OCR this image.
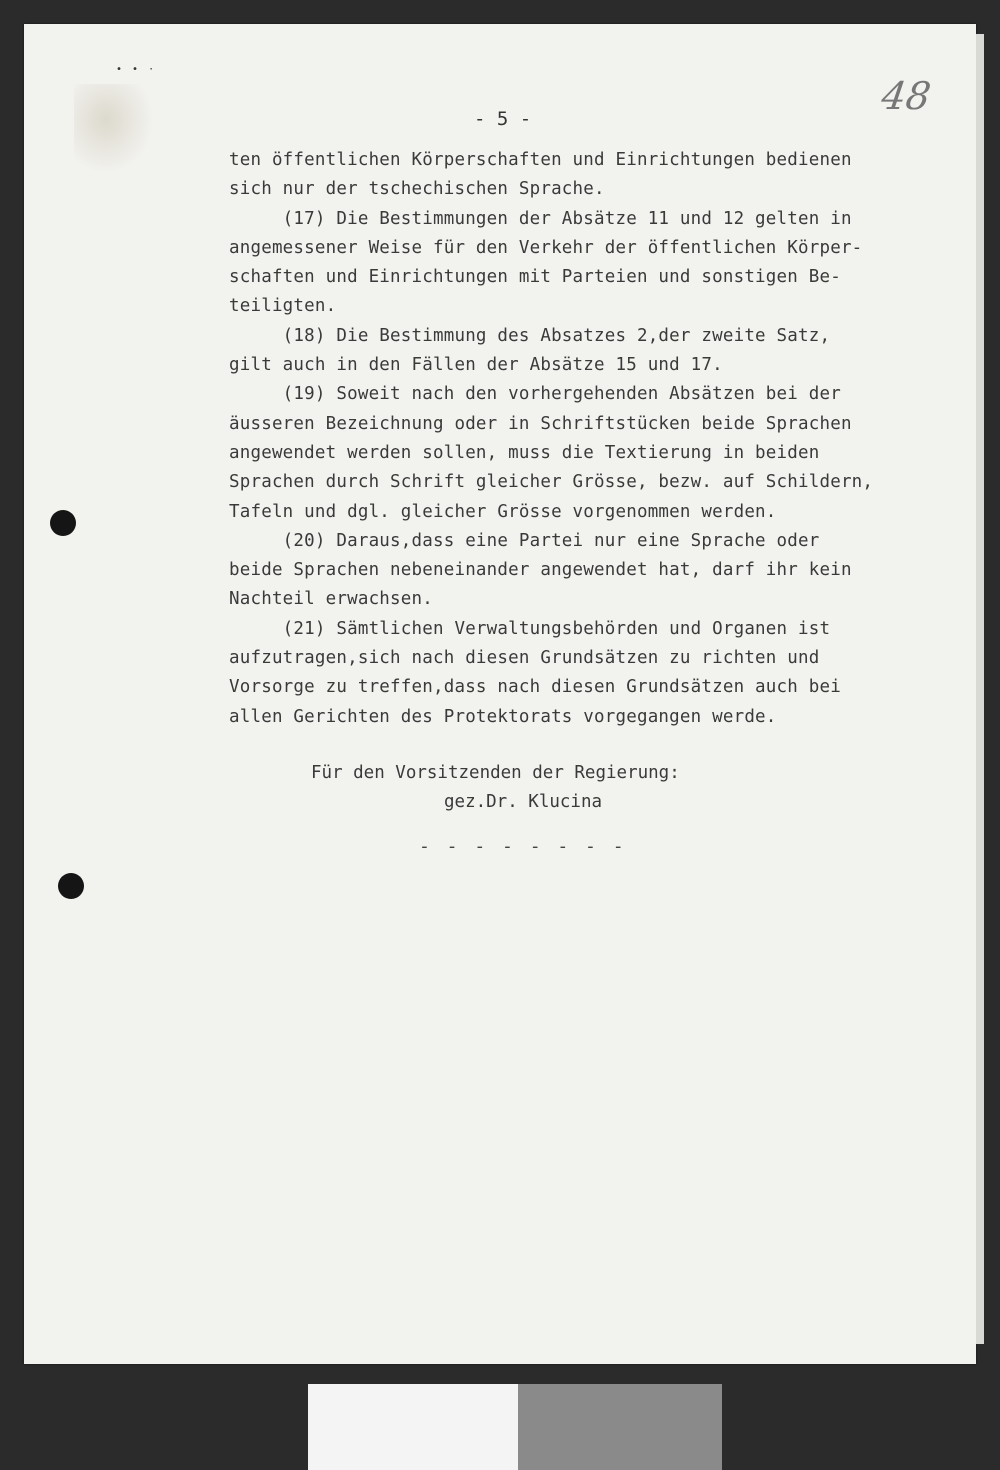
• • ·
48
- 5 -
ten öffentlichen Körperschaften und Einrichtungen bedienen
sich nur der tschechischen Sprache.
(17) Die Bestimmungen der Absätze 11 und 12 gelten in
angemessener Weise für den Verkehr der öffentlichen Körper-
schaften und Einrichtungen mit Parteien und sonstigen Be-
teiligten.
(18) Die Bestimmung des Absatzes 2,der zweite Satz,
gilt auch in den Fällen der Absätze 15 und 17.
(19) Soweit nach den vorhergehenden Absätzen bei der
äusseren Bezeichnung oder in Schriftstücken beide Sprachen
angewendet werden sollen, muss die Textierung in beiden
Sprachen durch Schrift gleicher Grösse, bezw. auf Schildern,
Tafeln und dgl. gleicher Grösse vorgenommen werden.
(20) Daraus,dass eine Partei nur eine Sprache oder
beide Sprachen nebeneinander angewendet hat, darf ihr kein
Nachteil erwachsen.
(21) Sämtlichen Verwaltungsbehörden und Organen ist
aufzutragen,sich nach diesen Grundsätzen zu richten und
Vorsorge zu treffen,dass nach diesen Grundsätzen auch bei
allen Gerichten des Protektorats vorgegangen werde.
Für den Vorsitzenden der Regierung:
gez.Dr. Klucina
- - - - - - - -
